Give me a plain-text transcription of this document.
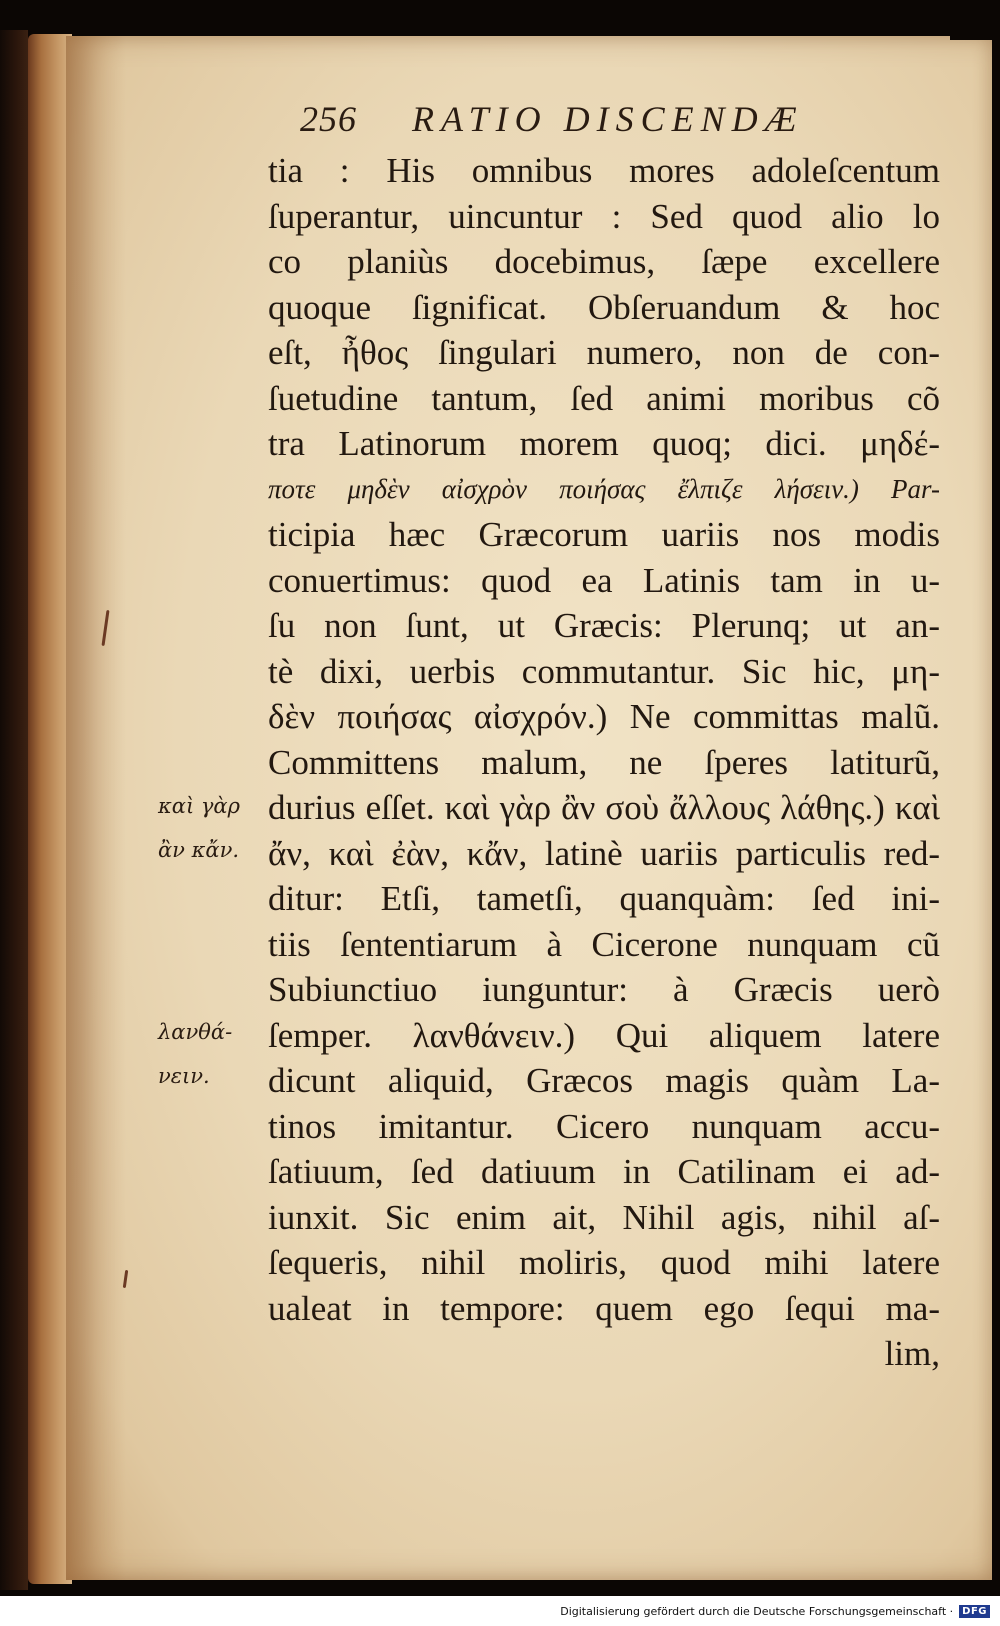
256 RATIO DISCENDÆ
tia : His omnibus mores adoleſcentum
ſuperantur, uincuntur : Sed quod alio lo
co planiùs docebimus, ſæpe excellere
quoque ſignificat. Obſeruandum & hoc
eſt, ἦθος ſingulari numero, non de con-
ſuetudine tantum, ſed animi moribus cõ
tra Latinorum morem quoq; dici. μηδέ-
ποτε μηδὲν αἰσχρὸν ποιήσας ἔλπιζε λήσειν.) Par-
ticipia hæc Græcorum uariis nos modis
conuertimus: quod ea Latinis tam in u-
ſu non ſunt, ut Græcis: Plerunq; ut an-
tè dixi, uerbis commutantur. Sic hic, μη-
δὲν ποιήσας αἰσχρόν.) Ne committas malũ.
Committens malum, ne ſperes latiturũ,
durius eſſet. καὶ γὰρ ἂν σοὺ ἄλλους λάθης.) καὶ
ἄν, καὶ ἐὰν, κἄν, latinè uariis particulis red-
ditur: Etſi, tametſi, quanquàm: ſed ini-
tiis ſententiarum à Cicerone nunquam cũ
Subiunctiuo iunguntur: à Græcis uerò
ſemper. λανθάνειν.) Qui aliquem latere
dicunt aliquid, Græcos magis quàm La-
tinos imitantur. Cicero nunquam accu-
ſatiuum, ſed datiuum in Catilinam ei ad-
iunxit. Sic enim ait, Nihil agis, nihil aſ-
ſequeris, nihil moliris, quod mihi latere
ualeat in tempore: quem ego ſequi ma-
lim,
καὶ γὰρ
ἂν κἄν.
λανθά-
νειν.
Digitalisierung gefördert durch die Deutsche Forschungsgemeinschaft · DFG
